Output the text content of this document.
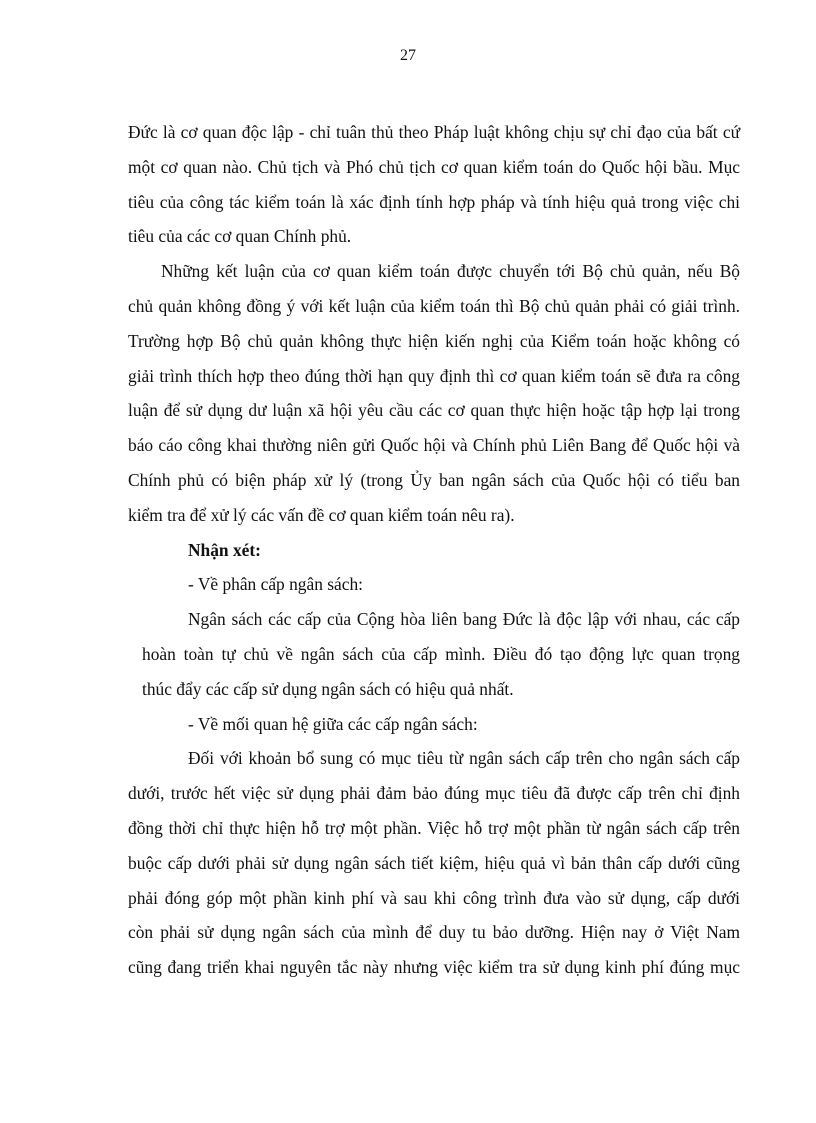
27

Đức là cơ quan độc lập - chỉ tuân thủ theo Pháp luật không chịu sự chỉ đạo của bất cứ

một cơ quan nào. Chủ tịch và Phó chủ tịch cơ quan kiểm toán do Quốc hội bầu. Mục

tiêu của công tác kiểm toán là xác định tính hợp pháp và tính hiệu quả trong việc chi

tiêu của các cơ quan Chính phủ.

Những kết luận của cơ quan kiểm toán được chuyển tới Bộ chủ quản, nếu Bộ

chủ quản không đồng ý với kết luận của kiểm toán thì Bộ chủ quản phải có giải trình.

Trường hợp Bộ chủ quản không thực hiện kiến nghị của Kiểm toán hoặc không có

giải trình thích hợp theo đúng thời hạn quy định thì cơ quan kiểm toán sẽ đưa ra công

luận để sử dụng dư luận xã hội yêu cầu các cơ quan thực hiện hoặc tập hợp lại trong

báo cáo công khai thường niên gửi Quốc hội và Chính phủ Liên Bang để Quốc hội và

Chính phủ có biện pháp xử lý (trong Ủy ban ngân sách của Quốc hội có tiểu ban

kiểm tra để xử lý các vấn đề cơ quan kiểm toán nêu ra).

Nhận xét:

- Về phân cấp ngân sách:

Ngân sách các cấp của Cộng hòa liên bang Đức là độc lập với nhau, các cấp

hoàn toàn tự chủ về ngân sách của cấp mình. Điều đó tạo động lực quan trọng

thúc đẩy các cấp sử dụng ngân sách có hiệu quả nhất.

- Về mối quan hệ giữa các cấp ngân sách:

Đối với khoản bổ sung có mục tiêu từ ngân sách cấp trên cho ngân sách cấp

dưới, trước hết việc sử dụng phải đảm bảo đúng mục tiêu đã được cấp trên chỉ định

đồng thời chỉ thực hiện hỗ trợ một phần. Việc hỗ trợ một phần từ ngân sách cấp trên

buộc cấp dưới phải sử dụng ngân sách tiết kiệm, hiệu quả vì bản thân cấp dưới cũng

phải đóng góp một phần kinh phí và sau khi công trình đưa vào sử dụng, cấp dưới

còn phải sử dụng ngân sách của mình để duy tu bảo dưỡng. Hiện nay ở Việt Nam

cũng đang triển khai nguyên tắc này nhưng việc kiểm tra sử dụng kinh phí đúng mục
